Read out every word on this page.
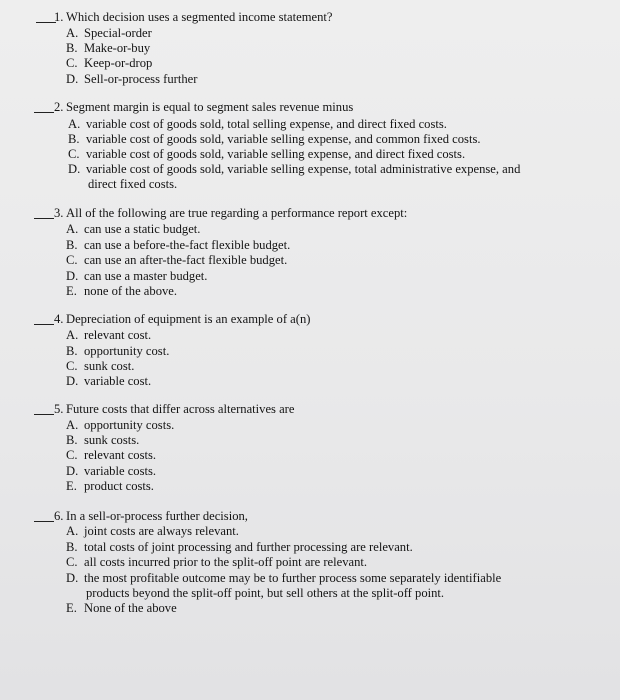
1. Which decision uses a segmented income statement?
A. Special-order
B. Make-or-buy
C. Keep-or-drop
D. Sell-or-process further
2. Segment margin is equal to segment sales revenue minus
A. variable cost of goods sold, total selling expense, and direct fixed costs.
B. variable cost of goods sold, variable selling expense, and common fixed costs.
C. variable cost of goods sold, variable selling expense, and direct fixed costs.
D. variable cost of goods sold, variable selling expense, total administrative expense, and
direct fixed costs.
3. All of the following are true regarding a performance report except:
A. can use a static budget.
B. can use a before-the-fact flexible budget.
C. can use an after-the-fact flexible budget.
D. can use a master budget.
E. none of the above.
4. Depreciation of equipment is an example of a(n)
A. relevant cost.
B. opportunity cost.
C. sunk cost.
D. variable cost.
5. Future costs that differ across alternatives are
A. opportunity costs.
B. sunk costs.
C. relevant costs.
D. variable costs.
E. product costs.
6. In a sell-or-process further decision,
A. joint costs are always relevant.
B. total costs of joint processing and further processing are relevant.
C. all costs incurred prior to the split-off point are relevant.
D. the most profitable outcome may be to further process some separately identifiable
products beyond the split-off point, but sell others at the split-off point.
E. None of the above
